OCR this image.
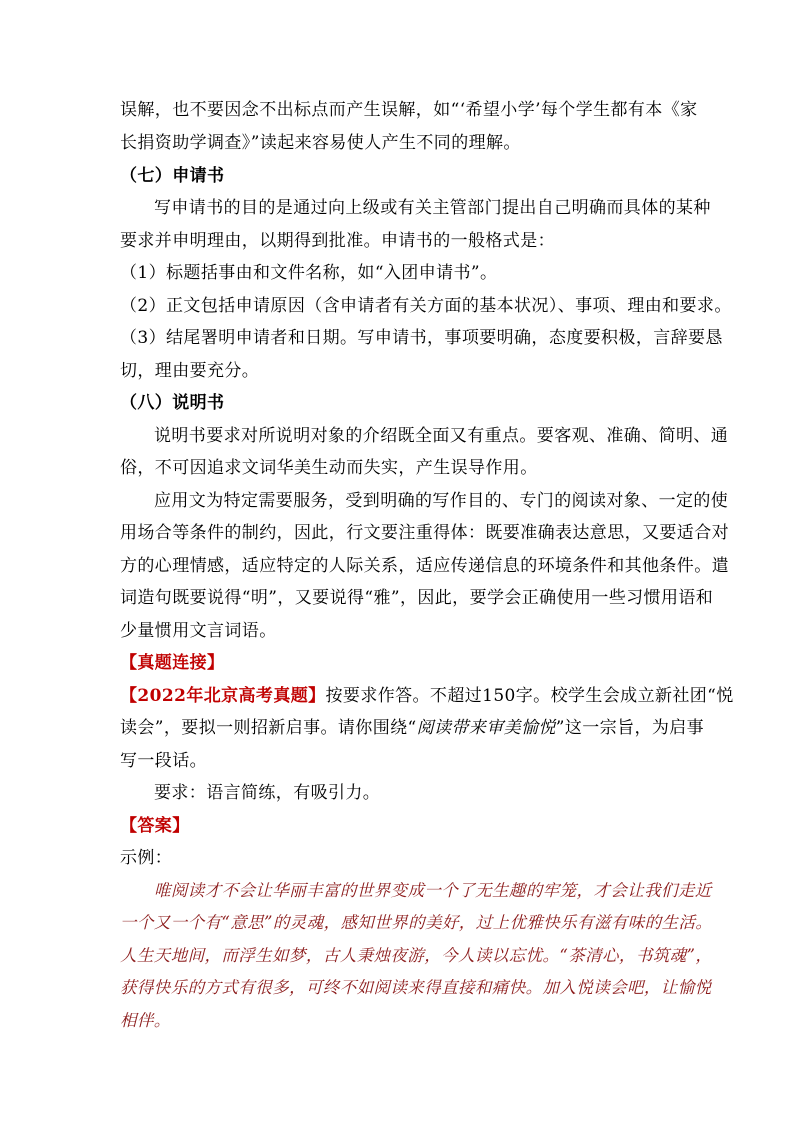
误解，也不要因念不出标点而产生误解，如“‘希望小学’每个学生都有本《家
长捐资助学调查》”读起来容易使人产生不同的理解。
（七）申请书
写申请书的目的是通过向上级或有关主管部门提出自己明确而具体的某种
要求并申明理由，以期得到批准。申请书的一般格式是：
（1）标题括事由和文件名称，如“入团申请书”。
（2）正文包括申请原因（含申请者有关方面的基本状况）、事项、理由和要求。
（3）结尾署明申请者和日期。写申请书，事项要明确，态度要积极，言辞要恳
切，理由要充分。
（八）说明书
说明书要求对所说明对象的介绍既全面又有重点。要客观、准确、简明、通
俗，不可因追求文词华美生动而失实，产生误导作用。
应用文为特定需要服务，受到明确的写作目的、专门的阅读对象、一定的使
用场合等条件的制约，因此，行文要注重得体：既要准确表达意思，又要适合对
方的心理情感，适应特定的人际关系，适应传递信息的环境条件和其他条件。遣
词造句既要说得“明”，又要说得“雅”，因此，要学会正确使用一些习惯用语和
少量惯用文言词语。
【真题连接】
【2022年北京高考真题】按要求作答。不超过150字。校学生会成立新社团“悦
读会”，要拟一则招新启事。请你围绕“阅读带来审美愉悦”这一宗旨，为启事
写一段话。
要求：语言简练，有吸引力。
【答案】
示例：
唯阅读才不会让华丽丰富的世界变成一个了无生趣的牢笼，才会让我们走近
一个又一个有“意思”的灵魂，感知世界的美好，过上优雅快乐有滋有味的生活。
人生天地间，而浮生如梦，古人秉烛夜游，今人读以忘忧。“茶清心，书筑魂”，
获得快乐的方式有很多，可终不如阅读来得直接和痛快。加入悦读会吧，让愉悦
相伴。
